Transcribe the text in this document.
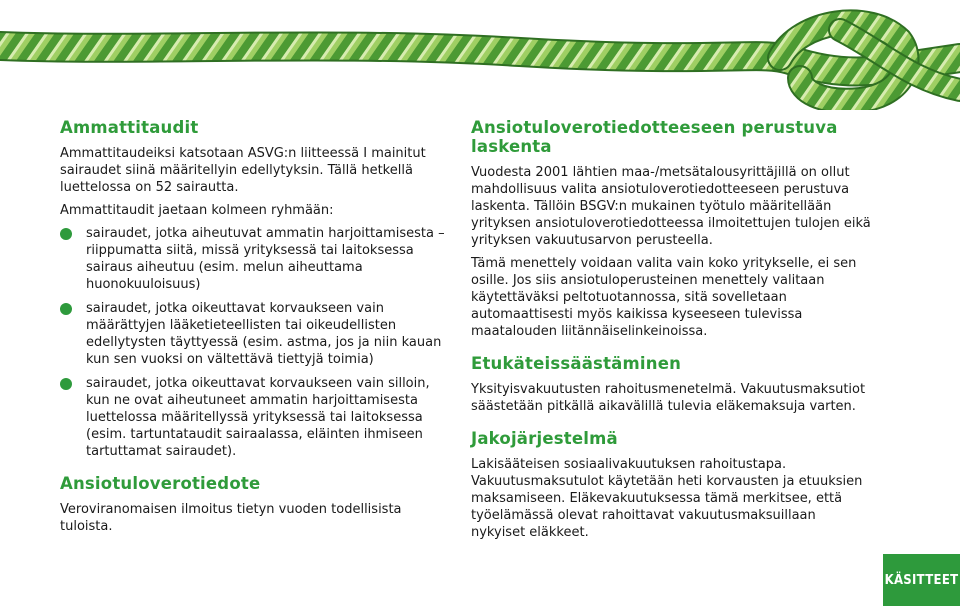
Ammattitaudit

Ammattitaudeiksi katsotaan ASVG:n liitteessä I mainitut sairaudet siinä määritellyin edellytyksin. Tällä hetkellä luettelossa on 52 sairautta.

Ammattitaudit jaetaan kolmeen ryhmään:

sairaudet, jotka aiheutuvat ammatin harjoittamisesta – riippumatta siitä, missä yrityksessä tai laitoksessa sairaus aiheutuu (esim. melun aiheuttama huonokuuloisuus)
sairaudet, jotka oikeuttavat korvaukseen vain määrättyjen lääketieteellisten tai oikeudellisten edellytysten täyttyessä (esim. astma, jos ja niin kauan kun sen vuoksi on vältettävä tiettyjä toimia)
sairaudet, jotka oikeuttavat korvaukseen vain silloin, kun ne ovat aiheutuneet ammatin harjoittamisesta luettelossa määritellyssä yrityksessä tai laitoksessa (esim. tartuntataudit sairaalassa, eläinten ihmiseen tartuttamat sairaudet).
Ansiotuloverotiedote

Veroviranomaisen ilmoitus tietyn vuoden todellisista tuloista.

Ansiotuloverotiedotteeseen perustuva laskenta

Vuodesta 2001 lähtien maa-/metsätalousyrittäjillä on ollut mahdollisuus valita ansiotuloverotiedotteeseen perustuva laskenta. Tällöin BSGV:n mukainen työtulo määritellään yrityksen ansiotuloverotiedotteessa ilmoitettujen tulojen eikä yrityksen vakuutusarvon perusteella.

Tämä menettely voidaan valita vain koko yritykselle, ei sen osille. Jos siis ansiotuloperusteinen menettely valitaan käytettäväksi peltotuotannossa, sitä sovelletaan automaattisesti myös kaikissa kyseeseen tulevissa maatalouden liitännäiselinkeinoissa.

Etukäteissäästäminen

Yksityisvakuutusten rahoitusmenetelmä. Vakuutusmaksutiot säästetään pitkällä aikavälillä tulevia eläkemaksuja varten.

Jakojärjestelmä

Lakisääteisen sosiaalivakuutuksen rahoitustapa. Vakuutusmaksutulot käytetään heti korvausten ja etuuksien maksamiseen. Eläkevakuutuksessa tämä merkitsee, että työelämässä olevat rahoittavat vakuutusmaksuillaan nykyiset eläkkeet.

KÄSITTEET
